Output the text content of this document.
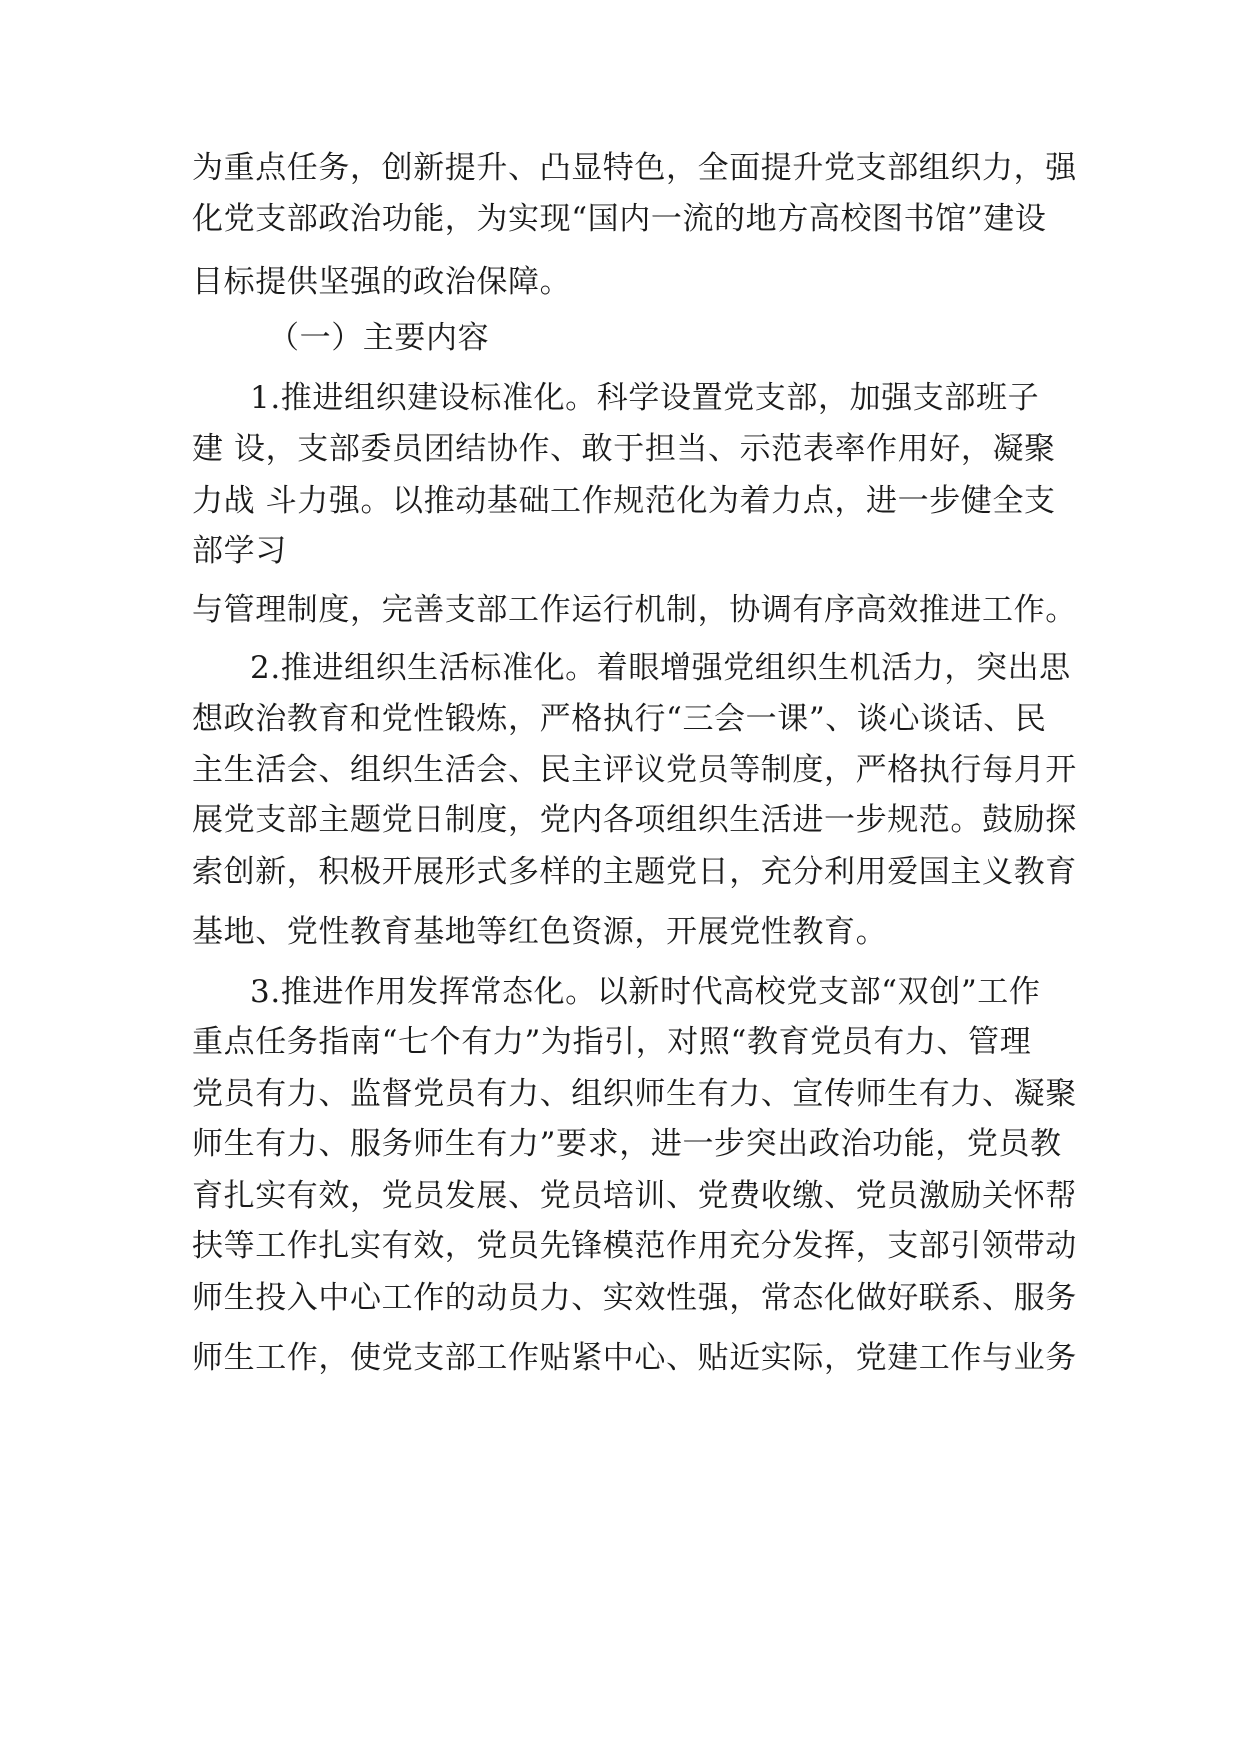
为重点任务，创新提升、凸显特色，全面提升党支部组织力，强
化党支部政治功能，为实现“国内一流的地方高校图书馆”建设
目标提供坚强的政治保障。
（一）主要内容
1.推进组织建设标准化。科学设置党支部，加强支部班子
建 设，支部委员团结协作、敢于担当、示范表率作用好，凝聚
力战 斗力强。以推动基础工作规范化为着力点，进一步健全支
部学习
与管理制度，完善支部工作运行机制，协调有序高效推进工作。
2.推进组织生活标准化。着眼增强党组织生机活力，突出思
想政治教育和党性锻炼，严格执行“三会一课”、谈心谈话、民
主生活会、组织生活会、民主评议党员等制度，严格执行每月开
展党支部主题党日制度，党内各项组织生活进一步规范。鼓励探
索创新，积极开展形式多样的主题党日，充分利用爱国主义教育
基地、党性教育基地等红色资源，开展党性教育。
3.推进作用发挥常态化。以新时代高校党支部“双创”工作
重点任务指南“七个有力”为指引，对照“教育党员有力、管理
党员有力、监督党员有力、组织师生有力、宣传师生有力、凝聚
师生有力、服务师生有力”要求，进一步突出政治功能，党员教
育扎实有效，党员发展、党员培训、党费收缴、党员激励关怀帮
扶等工作扎实有效，党员先锋模范作用充分发挥，支部引领带动
师生投入中心工作的动员力、实效性强，常态化做好联系、服务
师生工作，使党支部工作贴紧中心、贴近实际，党建工作与业务
